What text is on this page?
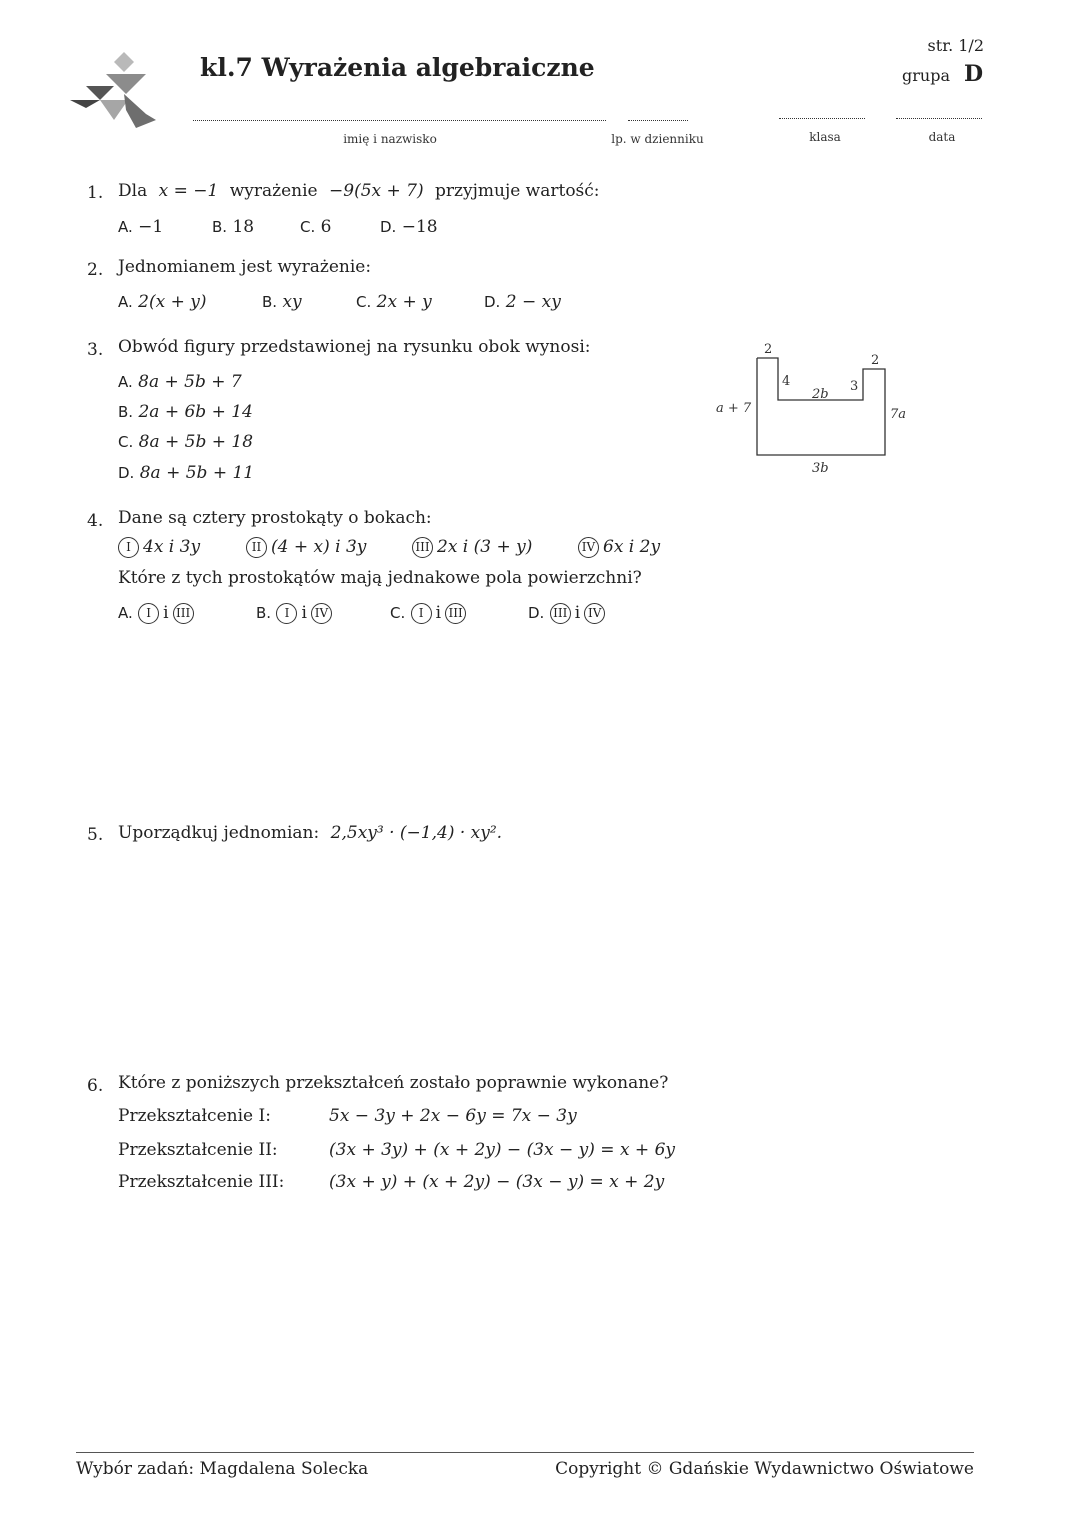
kl.7 Wyrażenia algebraiczne
str. 1/2
grupa D
imię i nazwisko	lp. w dzienniku	klasa	data
1. Dla x = −1 wyrażenie −9(5x + 7) przyjmuje wartość:
A. −1	B. 18	C. 6	D. −18
2. Jednomianem jest wyrażenie:
A. 2(x + y)	B. xy	C. 2x + y	D. 2 − xy
3. Obwód figury przedstawionej na rysunku obok wynosi:
A. 8a + 5b + 7
B. 2a + 6b + 14
C. 8a + 5b + 18
D. 8a + 5b + 11
2
2
4
2b
3
a + 7	7a
3b
4. Dane są cztery prostokąty o bokach:
I 4x i 3y	II (4 + x) i 3y	III 2x i (3 + y)	IV 6x i 2y
Które z tych prostokątów mają jednakowe pola powierzchni?
A. I i III	B. I i IV	C. I i III	D. III i IV
5. Uporządkuj jednomian: 2,5xy³ · (−1,4) · xy².
6. Które z poniższych przekształceń zostało poprawnie wykonane?
Przekształcenie I:	5x − 3y + 2x − 6y = 7x − 3y
Przekształcenie II:	(3x + 3y) + (x + 2y) − (3x − y) = x + 6y
Przekształcenie III:	(3x + y) + (x + 2y) − (3x − y) = x + 2y
Wybór zadań: Magdalena Solecka	Copyright © Gdańskie Wydawnictwo Oświatowe
